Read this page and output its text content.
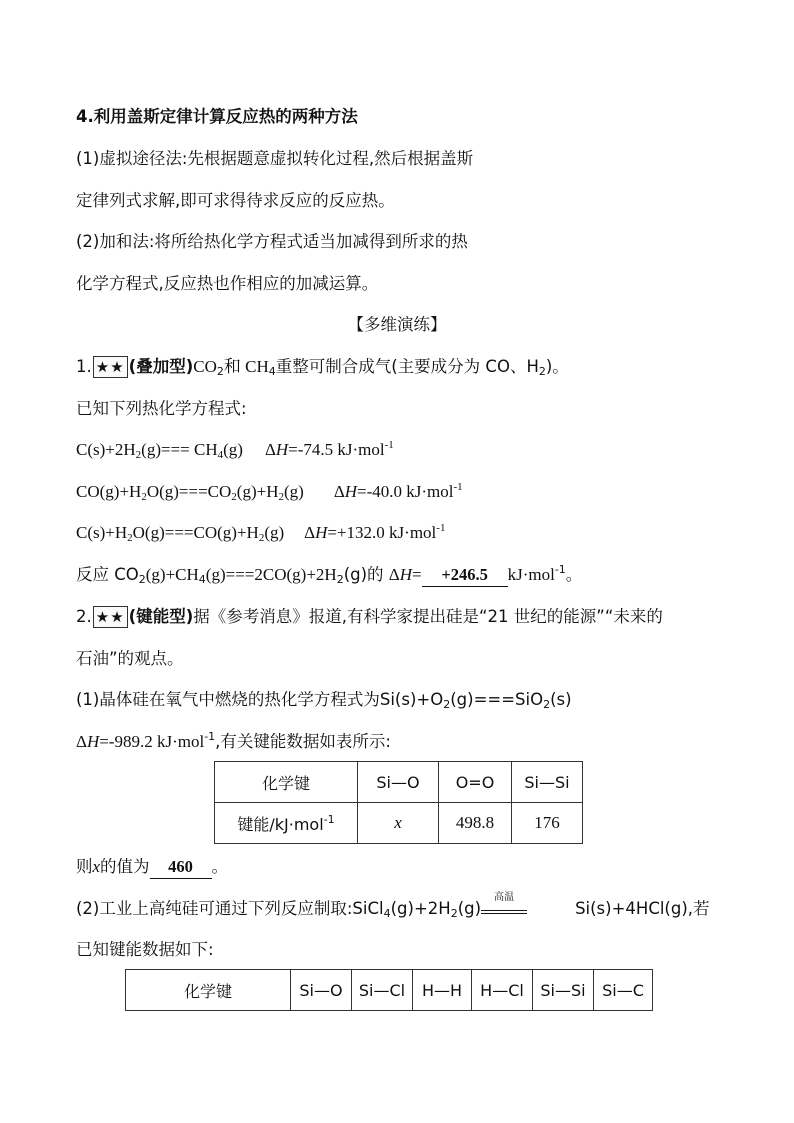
4.利用盖斯定律计算反应热的两种方法
(1)虚拟途径法:先根据题意虚拟转化过程,然后根据盖斯
定律列式求解,即可求得待求反应的反应热。
(2)加和法:将所给热化学方程式适当加减得到所求的热
化学方程式,反应热也作相应的加减运算。
【多维演练】
1. ★★ (叠加型)$CO_2$和 $CH_4$重整可制合成气(主要成分为 CO、$H_2$)。
已知下列热化学方程式:
$C(s)+2H_2(g)=== CH_4(g)$ ΔH=-74.5 kJ·mol$^{-1}$
$CO(g)+H_2O(g)===CO_2(g)+H_2(g)$ ΔH=-40.0 kJ·mol$^{-1}$
$C(s)+H_2O(g)===CO(g)+H_2(g)$ ΔH=+132.0 kJ·mol$^{-1}$
反应 $CO_2(g)+CH_4(g)===2CO(g)+2H_2(g)$的 ΔH= +246.5 kJ·mol$^{-1}$。
2. ★★ (键能型)据《参考消息》报道,有科学家提出硅是“21 世纪的能源”“未来的
石油”的观点。
(1)晶体硅在氧气中燃烧的热化学方程式为$Si(s)+O_2(g)===SiO_2(s)$
ΔH=-989.2 kJ·mol$^{-1}$,有关键能数据如表所示:
化学键	Si—O	O=O	Si—Si
键能/kJ·mol$^{-1}$	x	498.8	176
则x的值为 460 。
(2)工业上高纯硅可通过下列反应制取$:SiCl_4(g)+2H_2(g)$
高温
Si(s)+4HCl(g),若
已知键能数据如下:
化学键	Si—O	Si—Cl	H—H	H—Cl	Si—Si	Si—C
